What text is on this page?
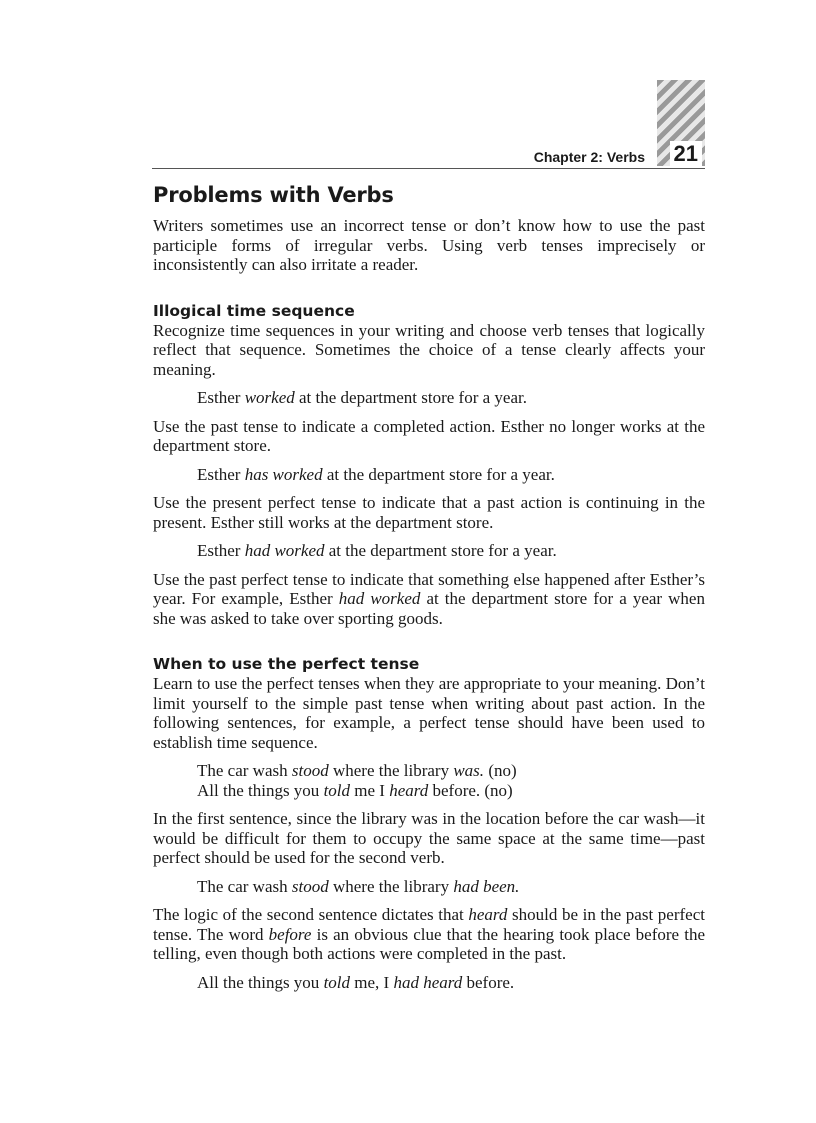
Chapter 2: Verbs 21
Problems with Verbs

Writers sometimes use an incorrect tense or don’t know how to use the past participle forms of irregular verbs. Using verb tenses imprecisely or inconsistently can also irritate a reader.

Illogical time sequence

Recognize time sequences in your writing and choose verb tenses that logically reflect that sequence. Sometimes the choice of a tense clearly affects your meaning.

Esther worked at the department store for a year.

Use the past tense to indicate a completed action. Esther no longer works at the department store.

Esther has worked at the department store for a year.

Use the present perfect tense to indicate that a past action is continuing in the present. Esther still works at the department store.

Esther had worked at the department store for a year.

Use the past perfect tense to indicate that something else happened after Esther’s year. For example, Esther had worked at the department store for a year when she was asked to take over sporting goods.

When to use the perfect tense

Learn to use the perfect tenses when they are appropriate to your meaning. Don’t limit yourself to the simple past tense when writing about past action. In the following sentences, for example, a perfect tense should have been used to establish time sequence.

The car wash stood where the library was. (no)

All the things you told me I heard before. (no)

In the first sentence, since the library was in the location before the car wash—it would be difficult for them to occupy the same space at the same time—past perfect should be used for the second verb.

The car wash stood where the library had been.

The logic of the second sentence dictates that heard should be in the past perfect tense. The word before is an obvious clue that the hearing took place before the telling, even though both actions were completed in the past.

All the things you told me, I had heard before.
